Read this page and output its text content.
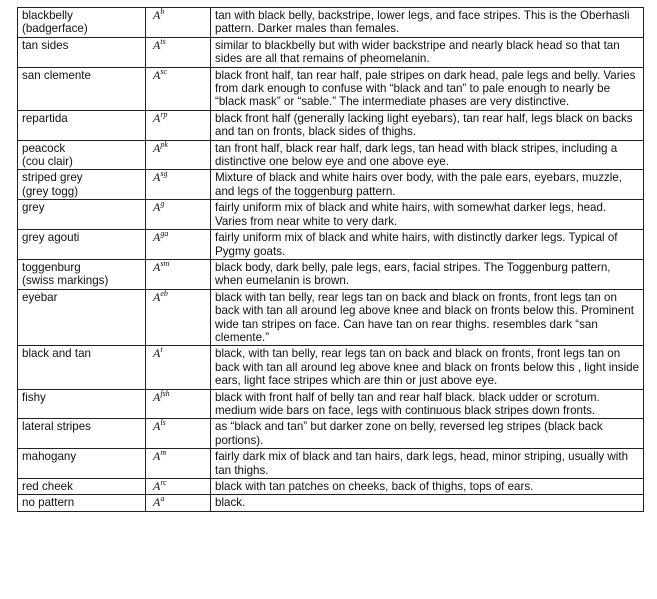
blackbelly
(badgerface)	$A^b$	tan with black belly, backstripe, lower legs, and face stripes. This is the Oberhasli pattern. Darker males than females.
tan sides	$A^{ts}$	similar to blackbelly but with wider backstripe and nearly black head so that tan sides are all that remains of pheomelanin.
san clemente	$A^{sc}$	black front half, tan rear half, pale stripes on dark head, pale legs and belly. Varies from dark enough to confuse with “black and tan” to pale enough to nearly be “black mask” or “sable.” The intermediate phases are very distinctive.
repartida	$A^{rp}$	black front half (generally lacking light eyebars), tan rear half, legs black on backs and tan on fronts, black sides of thighs.
peacock
(cou clair)	$A^{pk}$	tan front half, black rear half, dark legs, tan head with black stripes, including a distinctive one below eye and one above eye.
striped grey
(grey togg)	$A^{sg}$	Mixture of black and white hairs over body, with the pale ears, eyebars, muzzle, and legs of the toggenburg pattern.
grey	$A^g$	fairly uniform mix of black and white hairs, with somewhat darker legs, head. Varies from near white to very dark.
grey agouti	$A^{ga}$	fairly uniform mix of black and white hairs, with distinctly darker legs. Typical of Pygmy goats.
toggenburg
(swiss markings)	$A^{sm}$	black body, dark belly, pale legs, ears, facial stripes. The Toggenburg pattern, when eumelanin is brown.
eyebar	$A^{eb}$	black with tan belly, rear legs tan on back and black on fronts, front legs tan on back with tan all around leg above knee and black on fronts below this. Prominent wide tan stripes on face. Can have tan on rear thighs. resembles dark “san clemente.”
black and tan	$A^t$	black, with tan belly, rear legs tan on back and black on fronts, front legs tan on back with tan all around leg above knee and black on fronts below this , light inside ears, light face stripes which are thin or just above eye.
fishy	$A^{fsh}$	black with front half of belly tan and rear half black. black udder or scrotum. medium wide bars on face, legs with continuous black stripes down fronts.
lateral stripes	$A^{ls}$	as “black and tan” but darker zone on belly, reversed leg stripes (black back portions).
mahogany	$A^m$	fairly dark mix of black and tan hairs, dark legs, head, minor striping, usually with tan thighs.
red cheek	$A^{rc}$	black with tan patches on cheeks, back of thighs, tops of ears.
no pattern	$A^a$	black.
